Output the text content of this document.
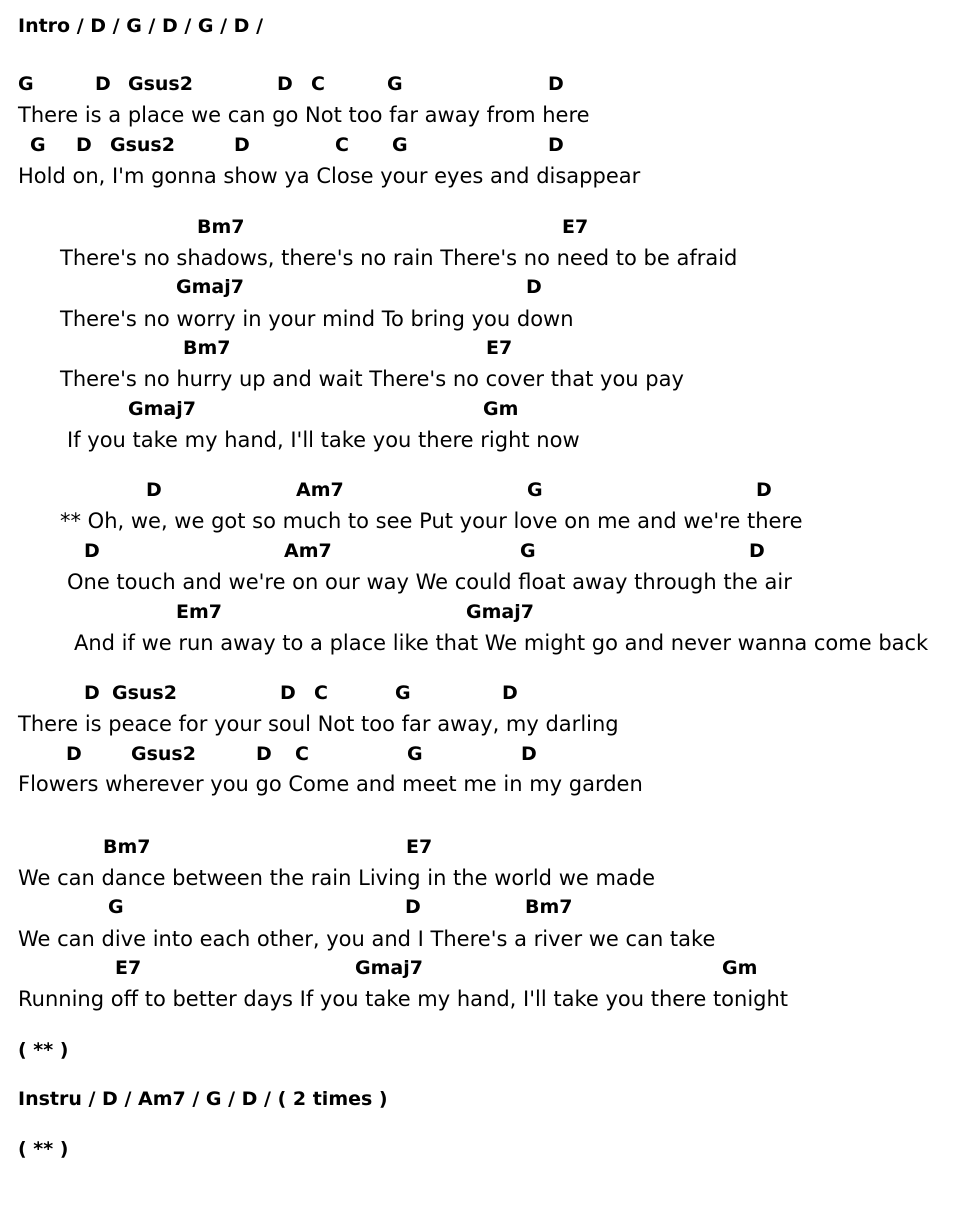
Intro / D / G / D / G / D /

G

	D

Gsus2

	D

C

	G

	D

There is a place we can go Not too far away from here

G

D

Gsus2

	D

	C

G

	D

Hold on, I'm gonna show ya Close your eyes and disappear

Bm7

	E7

There's no shadows, there's no rain There's no need to be afraid

Gmaj7

	D

There's no worry in your mind To bring you down

Bm7

	E7

There's no hurry up and wait There's no cover that you pay

Gmaj7

	Gm

If you take my hand, I'll take you there right now

D

	Am7

	G

	D

** Oh, we, we got so much to see Put your love on me and we're there

D

	Am7

	G

	D

One touch and we're on our way We could float away through the air

Em7

	Gmaj7

And if we run away to a place like that We might go and never wanna come back

D

Gsus2

	D

C

	G

	D

There is peace for your soul Not too far away, my darling

D

	Gsus2

	D

C

	G

	D

Flowers wherever you go Come and meet me in my garden

Bm7

	E7

We can dance between the rain Living in the world we made

G

	D

	Bm7

We can dive into each other, you and I There's a river we can take

E7

	Gmaj7

	Gm

Running off to better days If you take my hand, I'll take you there tonight

( ** )

Instru / D / Am7 / G / D / ( 2 times )

( ** )
